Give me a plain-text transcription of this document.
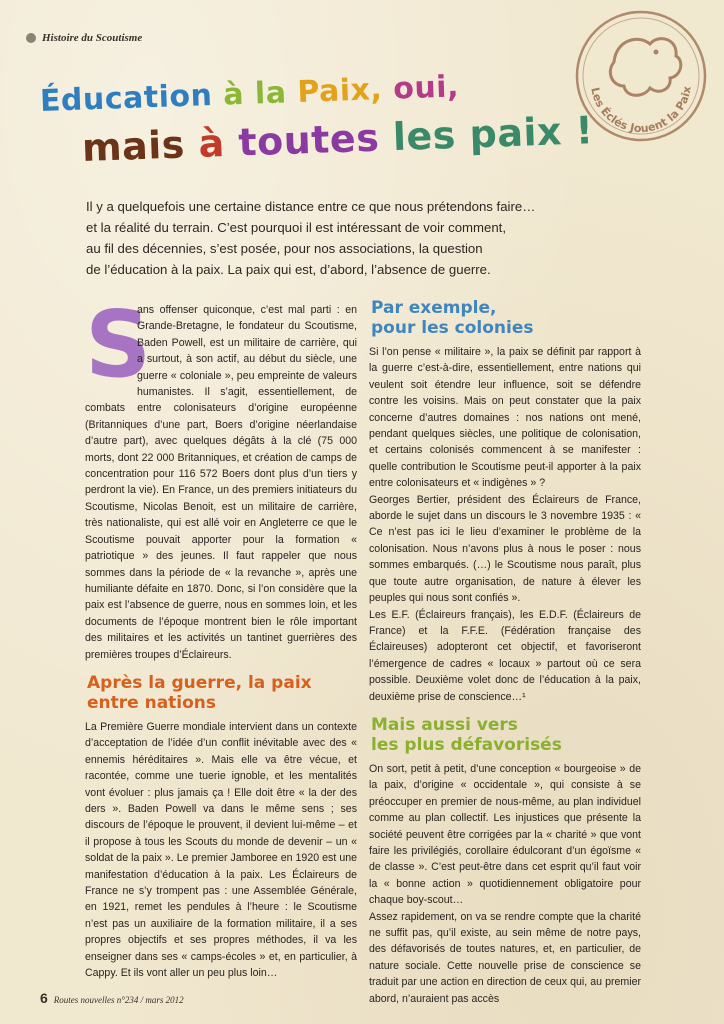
Histoire du Scoutisme
Les Éclés Jouent la Paix
Éducation à la Paix, oui,
mais à toutes les paix !

Il y a quelquefois une certaine distance entre ce que nous prétendons faire…

et la réalité du terrain. C’est pourquoi il est intéressant de voir comment,

au fil des décennies, s’est posée, pour nos associations, la question

de l’éducation à la paix. La paix qui est, d’abord, l’absence de guerre.

S

ans offenser quiconque, c’est mal parti : en Grande-Bretagne, le fondateur du Scoutisme, Baden Powell, est un militaire de carrière, qui a surtout, à son actif, au début du siècle, une guerre « coloniale », peu empreinte de valeurs humanistes. Il s’agit, essentiellement, de combats entre colonisateurs d’origine européenne (Britanniques d’une part, Boers d’origine néerlandaise d’autre part), avec quelques dégâts à la clé (75 000 morts, dont 22 000 Britanniques, et création de camps de concentration pour 116 572 Boers dont plus d’un tiers y perdront la vie). En France, un des premiers initiateurs du Scoutisme, Nicolas Benoit, est un militaire de carrière, très nationaliste, qui est allé voir en Angleterre ce que le Scoutisme pouvait apporter pour la formation « patriotique » des jeunes. Il faut rappeler que nous sommes dans la période de « la revanche », après une humiliante défaite en 1870. Donc, si l’on considère que la paix est l’absence de guerre, nous en sommes loin, et les documents de l’époque montrent bien le rôle important des militaires et les activités un tantinet guerrières des premières troupes d’Éclaireurs.

Après la guerre, la paix
entre nations

La Première Guerre mondiale intervient dans un contexte d’acceptation de l’idée d’un conflit inévitable avec des « ennemis héréditaires ». Mais elle va être vécue, et racontée, comme une tuerie ignoble, et les mentalités vont évoluer : plus jamais ça ! Elle doit être « la der des ders ». Baden Powell va dans le même sens ; ses discours de l’époque le prouvent, il devient lui-même – et il propose à tous les Scouts du monde de devenir – un « soldat de la paix ». Le premier Jamboree en 1920 est une manifestation d’éducation à la paix. Les Éclaireurs de France ne s’y trompent pas : une Assemblée Générale, en 1921, remet les pendules à l’heure : le Scoutisme n’est pas un auxiliaire de la formation militaire, il a ses propres objectifs et ses propres méthodes, il va les enseigner dans ses « camps-écoles » et, en particulier, à Cappy. Et ils vont aller un peu plus loin…

Par exemple,
pour les colonies

Si l’on pense « militaire », la paix se définit par rapport à la guerre c’est-à-dire, essentiellement, entre nations qui veulent soit étendre leur influence, soit se défendre contre les voisins. Mais on peut constater que la paix concerne d’autres domaines : nos nations ont mené, pendant quelques siècles, une politique de colonisation, et certains colonisés commencent à se manifester : quelle contribution le Scoutisme peut-il apporter à la paix entre colonisateurs et « indigènes » ?

Georges Bertier, président des Éclaireurs de France, aborde le sujet dans un discours le 3 novembre 1935 : « Ce n’est pas ici le lieu d’examiner le problème de la colonisation. Nous n’avons plus à nous le poser : nous sommes embarqués. (…) le Scoutisme nous paraît, plus que toute autre organisation, de nature à élever les peuples qui nous sont confiés ».

Les E.F. (Éclaireurs français), les E.D.F. (Éclaireurs de France) et la F.F.E. (Fédération française des Éclaireuses) adopteront cet objectif, et favoriseront l’émergence de cadres « locaux » partout où ce sera possible. Deuxième volet donc de l’éducation à la paix, deuxième prise de conscience…¹

Mais aussi vers
les plus défavorisés

On sort, petit à petit, d’une conception « bourgeoise » de la paix, d’origine « occidentale », qui consiste à se préoccuper en premier de nous-même, au plan individuel comme au plan collectif. Les injustices que présente la société peuvent être corrigées par la « charité » que vont faire les privilégiés, corollaire édulcorant d’un égoïsme « de classe ». C’est peut-être dans cet esprit qu’il faut voir la « bonne action » quotidiennement obligatoire pour chaque boy-scout…

Assez rapidement, on va se rendre compte que la charité ne suffit pas, qu’il existe, au sein même de notre pays, des défavorisés de toutes natures, et, en particulier, de nature sociale. Cette nouvelle prise de conscience se traduit par une action en direction de ceux qui, au premier abord, n’auraient pas accès

6 Routes nouvelles n°234 / mars 2012
